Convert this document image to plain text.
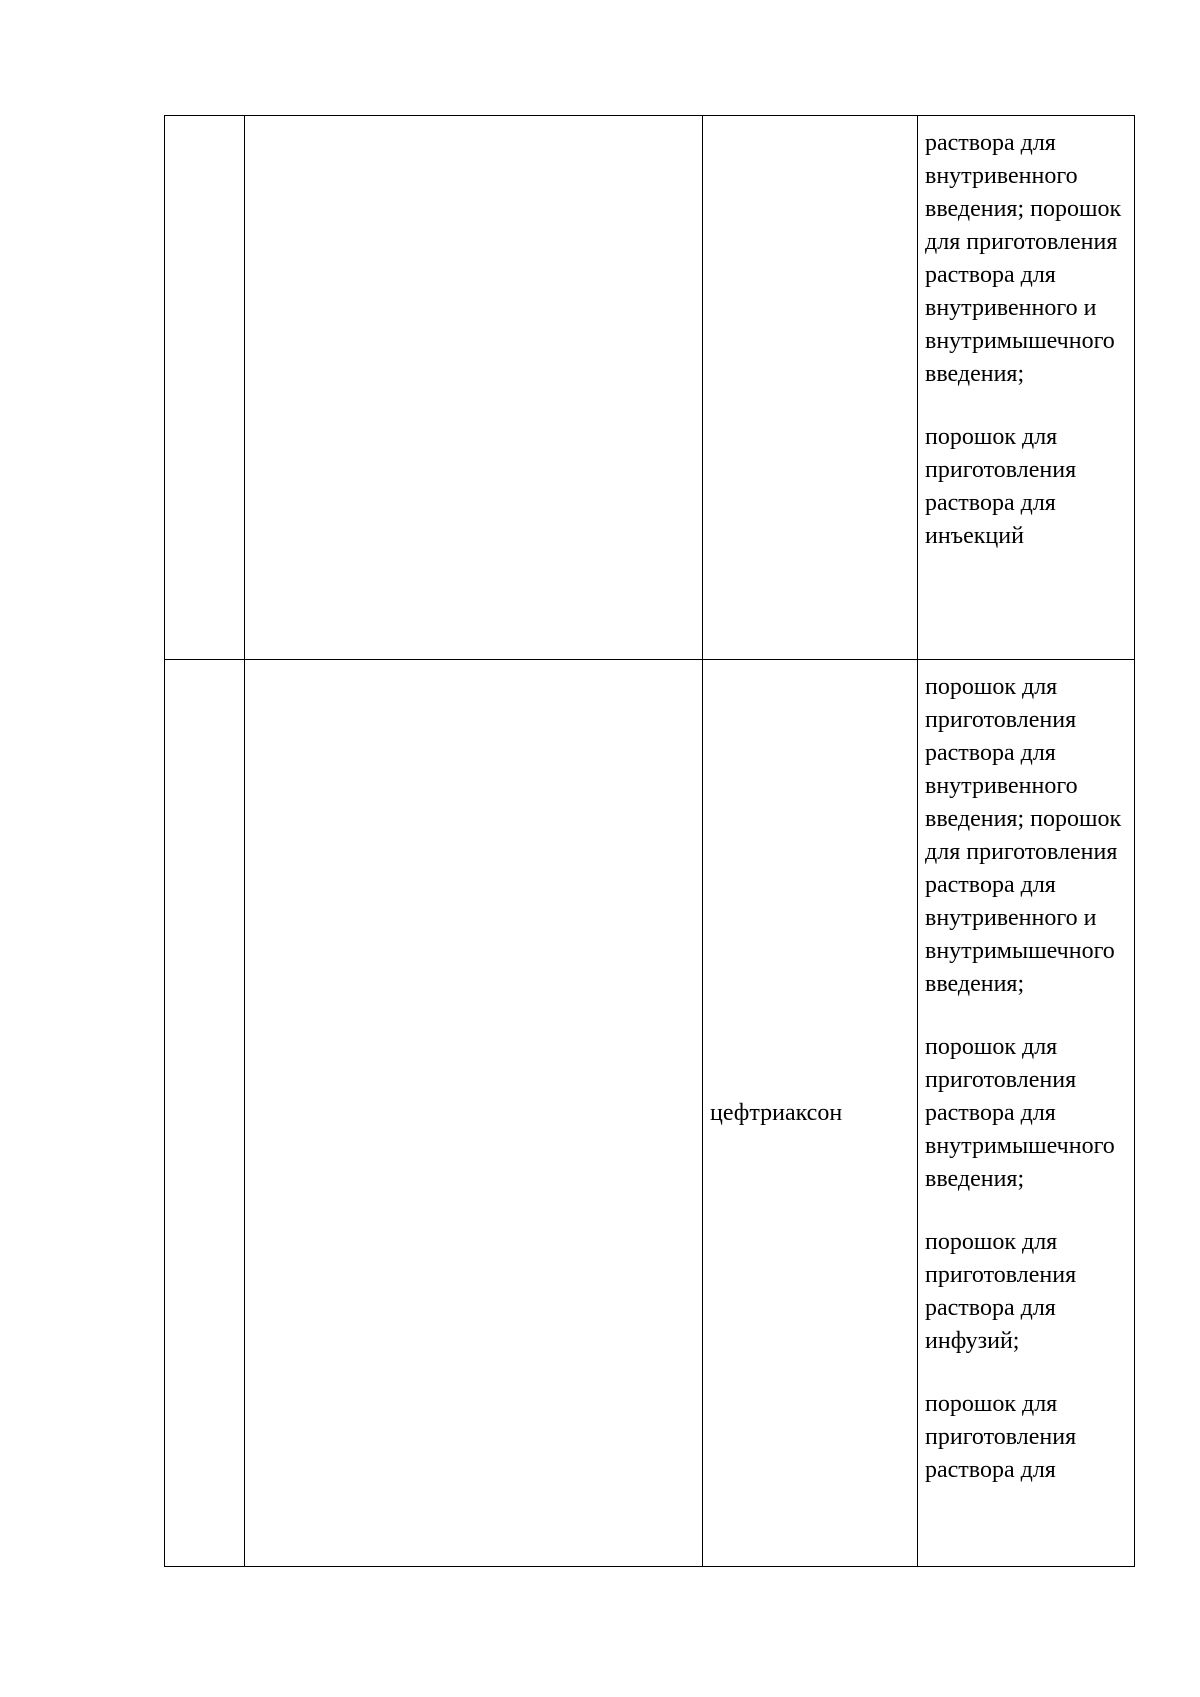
			раствора для внутривенного введения; порошок для приготовления раствора для внутривенного и внутримышечного введения;
порошок для приготовления раствора для инъекций

		цефтриаксон	порошок для приготовления раствора для внутривенного введения; порошок для приготовления раствора для внутривенного и внутримышечного введения;
порошок для приготовления раствора для внутримышечного введения;
порошок для приготовления раствора для инфузий;
порошок для приготовления раствора для
